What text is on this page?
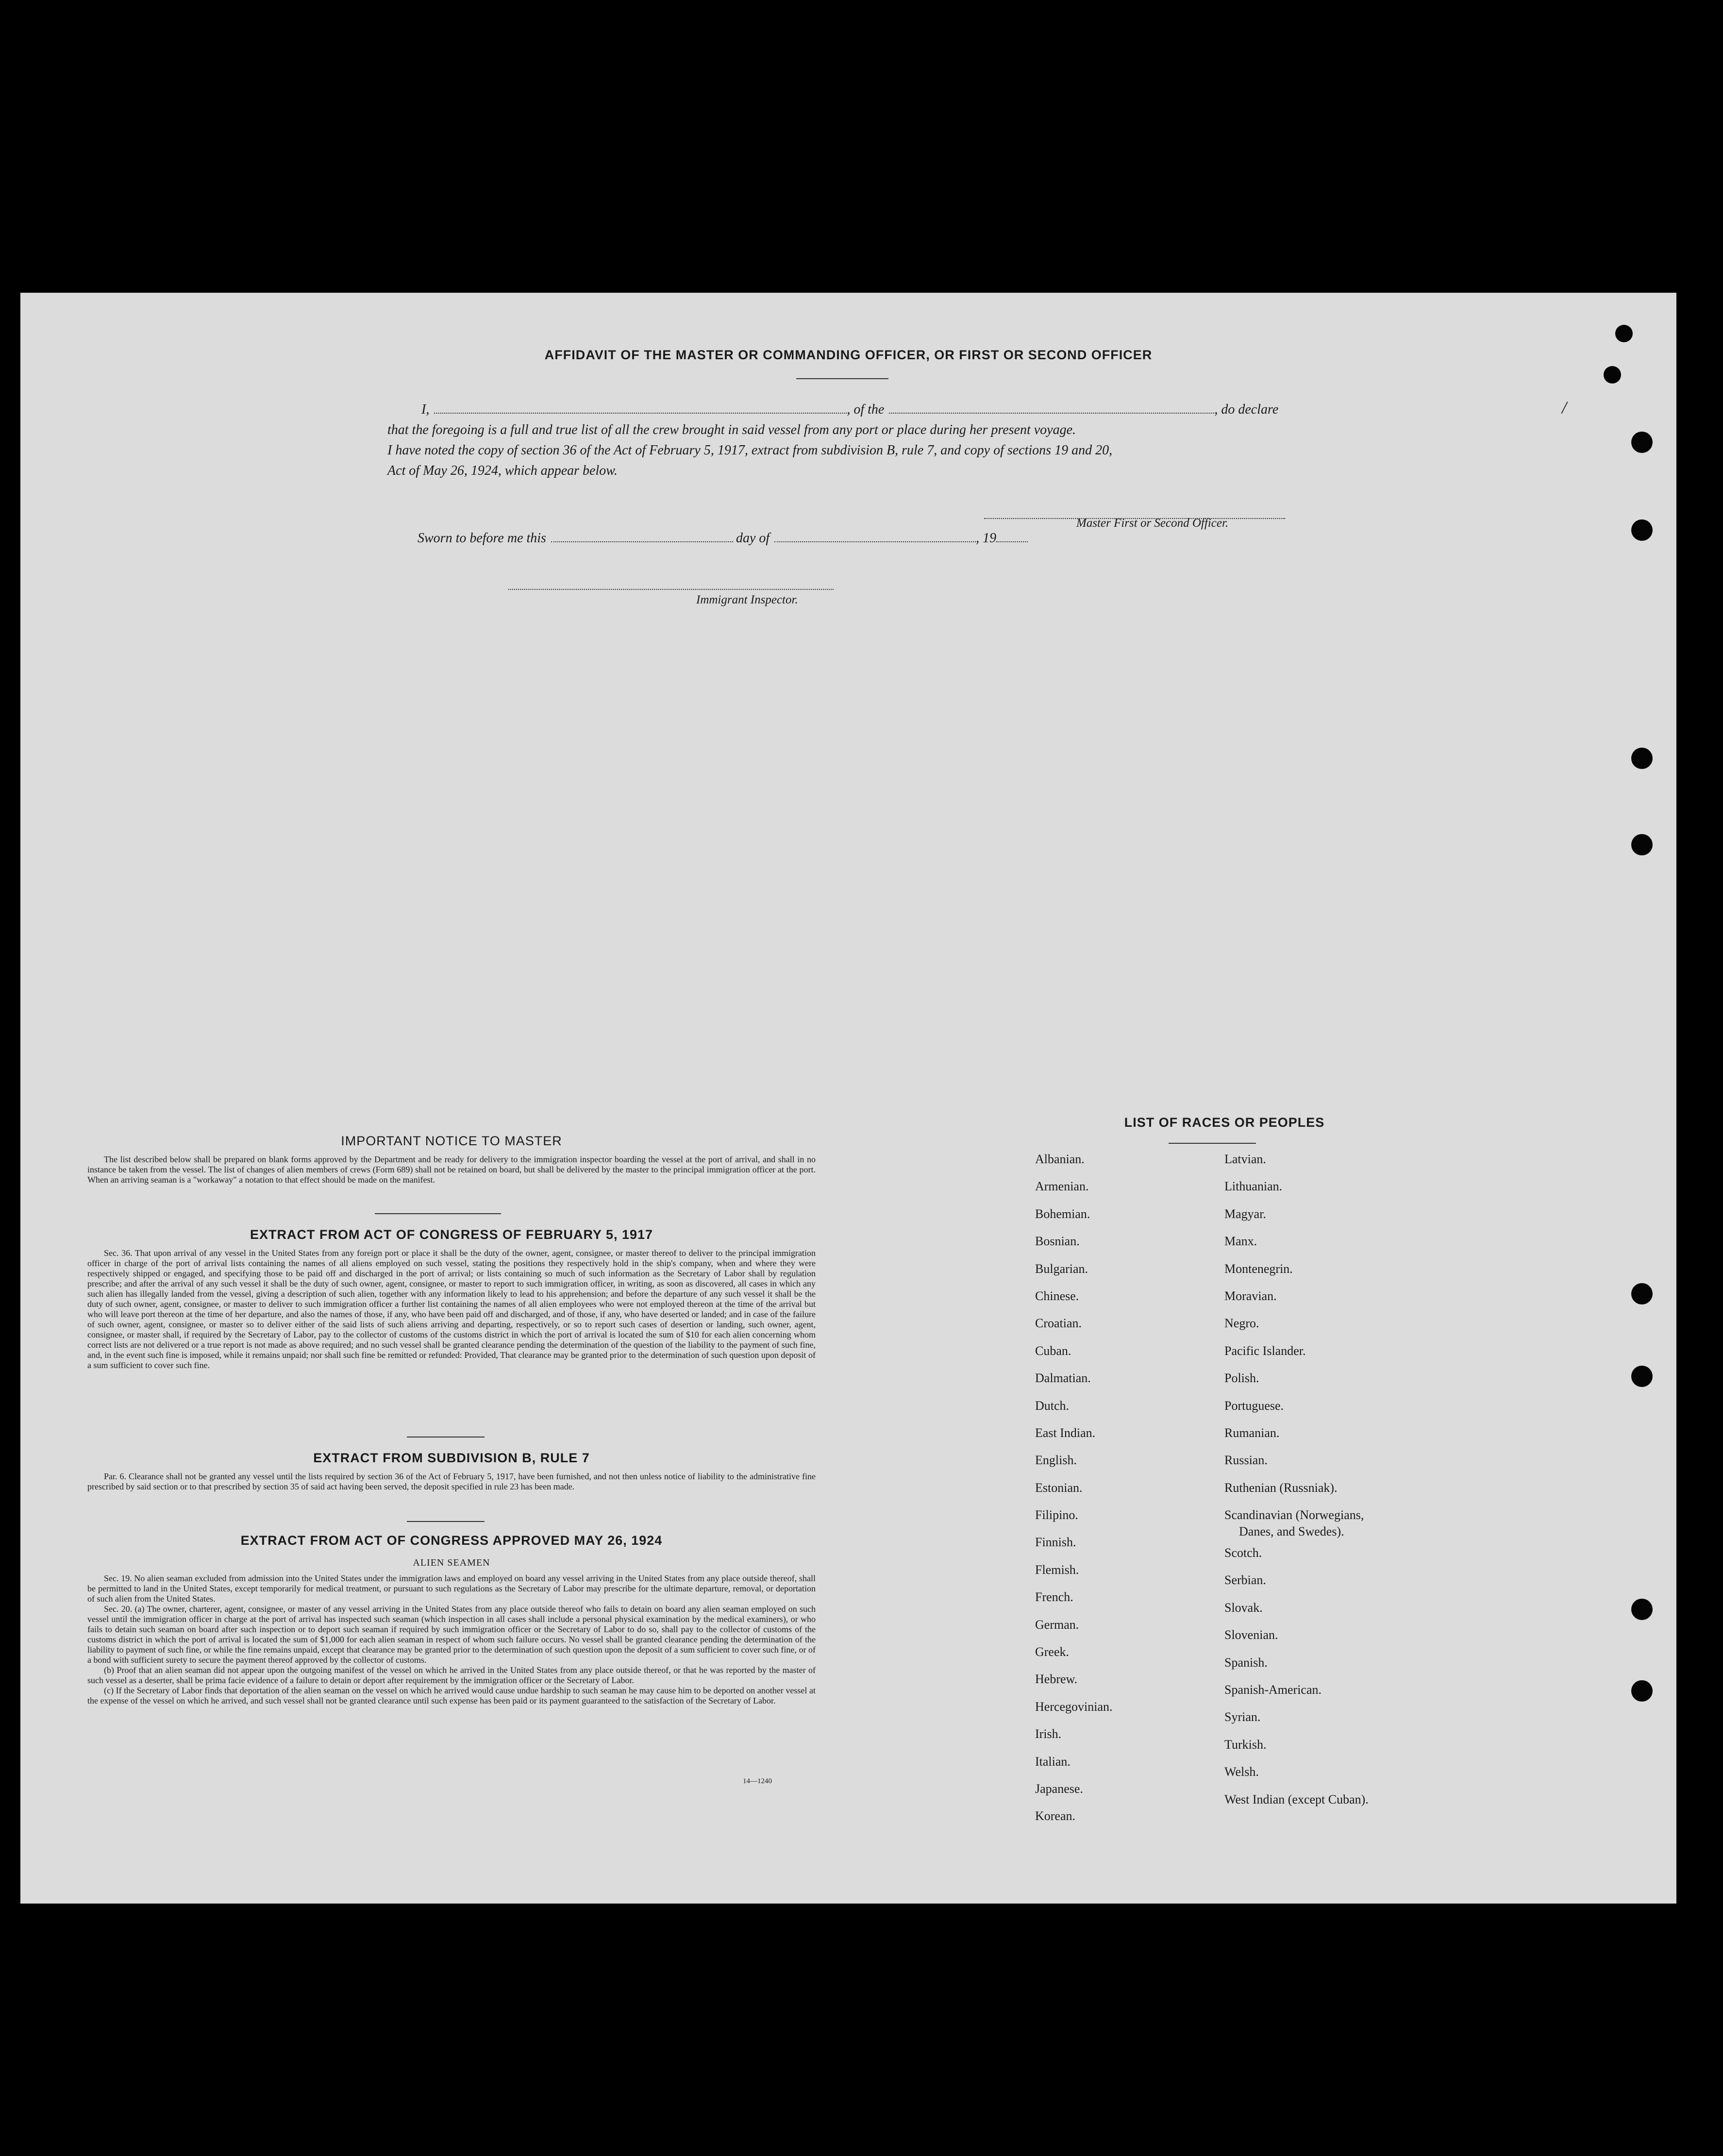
/
AFFIDAVIT OF THE MASTER OR COMMANDING OFFICER, OR FIRST OR SECOND OFFICER
I,	, of the	, do declare
that the foregoing is a full and true list of all the crew brought in said vessel from any port or place during her present voyage.
I have noted the copy of section 36 of the Act of February 5, 1917, extract from subdivision B, rule 7, and copy of sections 19 and 20,
Act of May 26, 1924, which appear below.
Master First or Second Officer.
Sworn to before me this	day of	, 19
Immigrant Inspector.
IMPORTANT NOTICE TO MASTER
The list described below shall be prepared on blank forms approved by the Department and be ready for delivery to the immigration inspector boarding the vessel at the port of arrival, and shall in no instance be taken from the vessel. The list of changes of alien members of crews (Form 689) shall not be retained on board, but shall be delivered by the master to the principal immigration officer at the port. When an arriving seaman is a "workaway" a notation to that effect should be made on the manifest.
EXTRACT FROM ACT OF CONGRESS OF FEBRUARY 5, 1917
Sec. 36. That upon arrival of any vessel in the United States from any foreign port or place it shall be the duty of the owner, agent, consignee, or master thereof to deliver to the principal immigration officer in charge of the port of arrival lists containing the names of all aliens employed on such vessel, stating the positions they respectively hold in the ship's company, when and where they were respectively shipped or engaged, and specifying those to be paid off and discharged in the port of arrival; or lists containing so much of such information as the Secretary of Labor shall by regulation prescribe; and after the arrival of any such vessel it shall be the duty of such owner, agent, consignee, or master to report to such immigration officer, in writing, as soon as discovered, all cases in which any such alien has illegally landed from the vessel, giving a description of such alien, together with any information likely to lead to his apprehension; and before the departure of any such vessel it shall be the duty of such owner, agent, consignee, or master to deliver to such immigration officer a further list containing the names of all alien employees who were not employed thereon at the time of the arrival but who will leave port thereon at the time of her departure, and also the names of those, if any, who have been paid off and discharged, and of those, if any, who have deserted or landed; and in case of the failure of such owner, agent, consignee, or master so to deliver either of the said lists of such aliens arriving and departing, respectively, or so to report such cases of desertion or landing, such owner, agent, consignee, or master shall, if required by the Secretary of Labor, pay to the collector of customs of the customs district in which the port of arrival is located the sum of $10 for each alien concerning whom correct lists are not delivered or a true report is not made as above required; and no such vessel shall be granted clearance pending the determination of the question of the liability to the payment of such fine, and, in the event such fine is imposed, while it remains unpaid; nor shall such fine be remitted or refunded: Provided, That clearance may be granted prior to the determination of such question upon deposit of a sum sufficient to cover such fine.
EXTRACT FROM SUBDIVISION B, RULE 7
Par. 6. Clearance shall not be granted any vessel until the lists required by section 36 of the Act of February 5, 1917, have been furnished, and not then unless notice of liability to the administrative fine prescribed by said section or to that prescribed by section 35 of said act having been served, the deposit specified in rule 23 has been made.
EXTRACT FROM ACT OF CONGRESS APPROVED MAY 26, 1924
ALIEN SEAMEN
Sec. 19. No alien seaman excluded from admission into the United States under the immigration laws and employed on board any vessel arriving in the United States from any place outside thereof, shall be permitted to land in the United States, except temporarily for medical treatment, or pursuant to such regulations as the Secretary of Labor may prescribe for the ultimate departure, removal, or deportation of such alien from the United States.
Sec. 20. (a) The owner, charterer, agent, consignee, or master of any vessel arriving in the United States from any place outside thereof who fails to detain on board any alien seaman employed on such vessel until the immigration officer in charge at the port of arrival has inspected such seaman (which inspection in all cases shall include a personal physical examination by the medical examiners), or who fails to detain such seaman on board after such inspection or to deport such seaman if required by such immigration officer or the Secretary of Labor to do so, shall pay to the collector of customs of the customs district in which the port of arrival is located the sum of $1,000 for each alien seaman in respect of whom such failure occurs. No vessel shall be granted clearance pending the determination of the liability to payment of such fine, or while the fine remains unpaid, except that clearance may be granted prior to the determination of such question upon the deposit of a sum sufficient to cover such fine, or of a bond with sufficient surety to secure the payment thereof approved by the collector of customs.
(b) Proof that an alien seaman did not appear upon the outgoing manifest of the vessel on which he arrived in the United States from any place outside thereof, or that he was reported by the master of such vessel as a deserter, shall be prima facie evidence of a failure to detain or deport after requirement by the immigration officer or the Secretary of Labor.
(c) If the Secretary of Labor finds that deportation of the alien seaman on the vessel on which he arrived would cause undue hardship to such seaman he may cause him to be deported on another vessel at the expense of the vessel on which he arrived, and such vessel shall not be granted clearance until such expense has been paid or its payment guaranteed to the satisfaction of the Secretary of Labor.
14—1240
LIST OF RACES OR PEOPLES
Albanian.
Armenian.
Bohemian.
Bosnian.
Bulgarian.
Chinese.
Croatian.
Cuban.
Dalmatian.
Dutch.
East Indian.
English.
Estonian.
Filipino.
Finnish.
Flemish.
French.
German.
Greek.
Hebrew.
Hercegovinian.
Irish.
Italian.
Japanese.
Korean.
Latvian.
Lithuanian.
Magyar.
Manx.
Montenegrin.
Moravian.
Negro.
Pacific Islander.
Polish.
Portuguese.
Rumanian.
Russian.
Ruthenian (Russniak).
Scandinavian (Norwegians,
Danes, and Swedes).
Scotch.
Serbian.
Slovak.
Slovenian.
Spanish.
Spanish-American.
Syrian.
Turkish.
Welsh.
West Indian (except Cuban).
